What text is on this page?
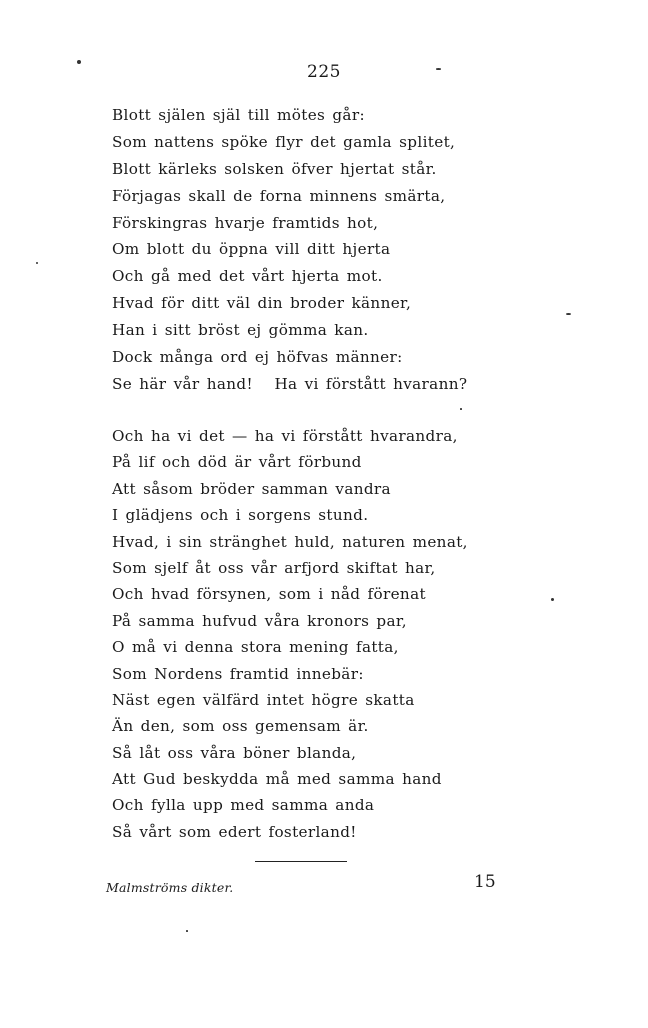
225
Blott själen själ till mötes går:
Som nattens spöke flyr det gamla splitet,
Blott kärleks solsken öfver hjertat står.
Förjagas skall de forna minnens smärta,
Förskingras hvarje framtids hot,
Om blott du öppna vill ditt hjerta
Och gå med det vårt hjerta mot.
Hvad för ditt väl din broder känner,
Han i sitt bröst ej gömma kan.
Dock många ord ej höfvas männer:
Se här vår hand!   Ha vi förstått hvarann?
Och ha vi det — ha vi förstått hvarandra,
På lif och död är vårt förbund
Att såsom bröder samman vandra
I glädjens och i sorgens stund.
Hvad, i sin stränghet huld, naturen menat,
Som sjelf åt oss vår arfjord skiftat har,
Och hvad försynen, som i nåd förenat
På samma hufvud våra kronors par,
O må vi denna stora mening fatta,
Som Nordens framtid innebär:
Näst egen välfärd intet högre skatta
Än den, som oss gemensam är.
Så låt oss våra böner blanda,
Att Gud beskydda må med samma hand
Och fylla upp med samma anda
Så vårt som edert fosterland!
Malmströms dikter.	15
